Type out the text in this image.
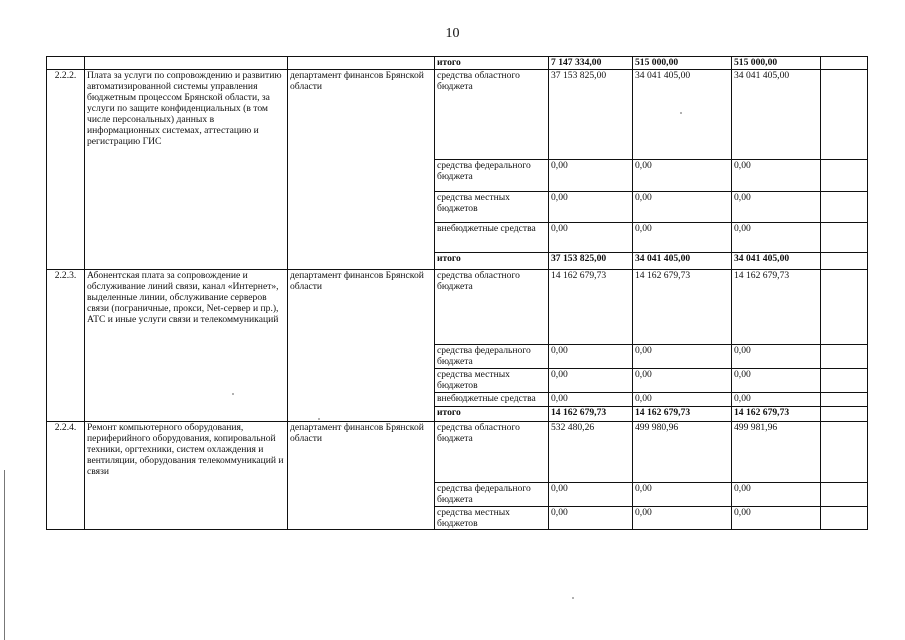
10
			итого	7 147 334,00	515 000,00	515 000,00	
2.2.2.	Плата за услуги по сопровождению и развитию автоматизированной системы управления бюджетным процессом Брянской области, за услуги по защите конфиденциальных (в том числе персональных) данных в информационных системах, аттестацию и регистрацию ГИС	департамент финансов Брянской области	средства областного бюджета	37 153 825,00	34 041 405,00	34 041 405,00	
			средства федерального бюджета	0,00	0,00	0,00	
			средства местных бюджетов	0,00	0,00	0,00	
			внебюджетные средства	0,00	0,00	0,00	
			итого	37 153 825,00	34 041 405,00	34 041 405,00	
2.2.3.	Абонентская плата за сопровождение и обслуживание линий связи, канал «Интернет», выделенные линии, обслуживание серверов связи (пограничные, прокси, Net-сервер и пр.), АТС и иные услуги связи и телекоммуникаций	департамент финансов Брянской области	средства областного бюджета	14 162 679,73	14 162 679,73	14 162 679,73	
			средства федерального бюджета	0,00	0,00	0,00	
			средства местных бюджетов	0,00	0,00	0,00	
			внебюджетные средства	0,00	0,00	0,00	
			итого	14 162 679,73	14 162 679,73	14 162 679,73	
2.2.4.	Ремонт компьютерного оборудования, периферийного оборудования, копировальной техники, оргтехники, систем охлаждения и вентиляции, оборудования телекоммуникаций и связи	департамент финансов Брянской области	средства областного бюджета	532 480,26	499 980,96	499 981,96	
			средства федерального бюджета	0,00	0,00	0,00	
			средства местных бюджетов	0,00	0,00	0,00	
